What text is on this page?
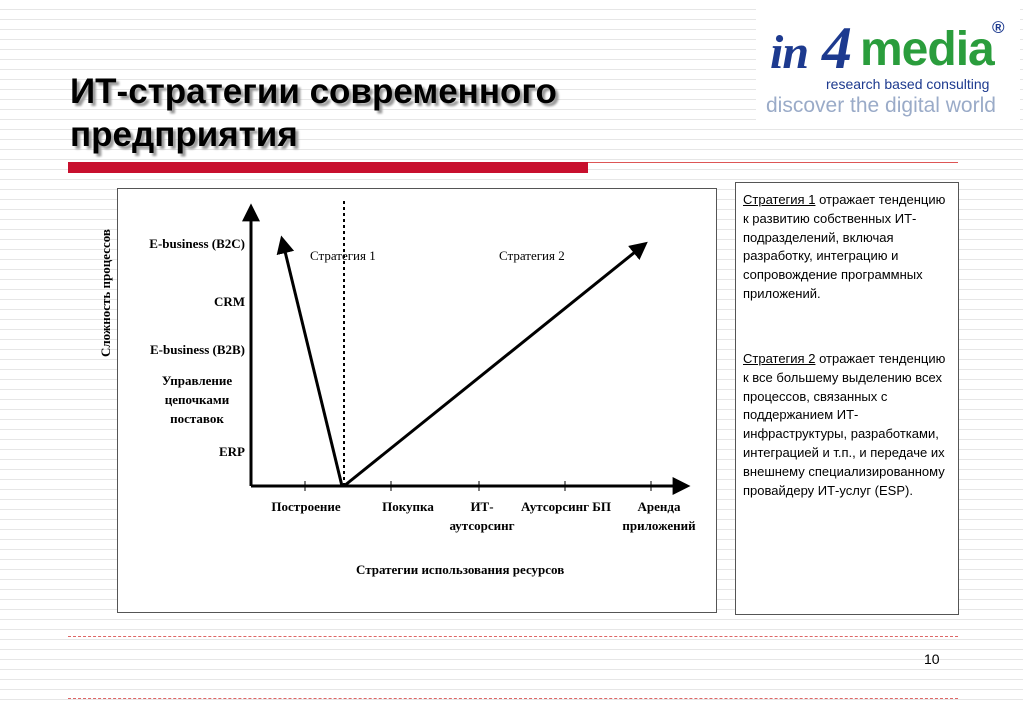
ИТ-стратегии современного предприятия
in 4 media
®
research based consulting
discover the digital world
Сложность процессов	E-business (B2C)
CRM
E-business (B2B)
Управление цепочками поставок
ERP
Стратегия 1	Стратегия 2
Построение	Покупка	ИТ-аутсорсинг
Аутсорсинг БП	Аренда приложений
Стратегии использования ресурсов

Стратегия 1 отражает тенденцию к развитию собственных ИТ-подразделений, включая разработку, интеграцию и сопровождение программных приложений.

Стратегия 2 отражает тенденцию к все большему выделению всех процессов, связанных с поддержанием ИТ-инфраструктуры, разработками, интеграцией и т.п., и передаче их внешнему специализированному провайдеру ИТ-услуг (ESP).

10
